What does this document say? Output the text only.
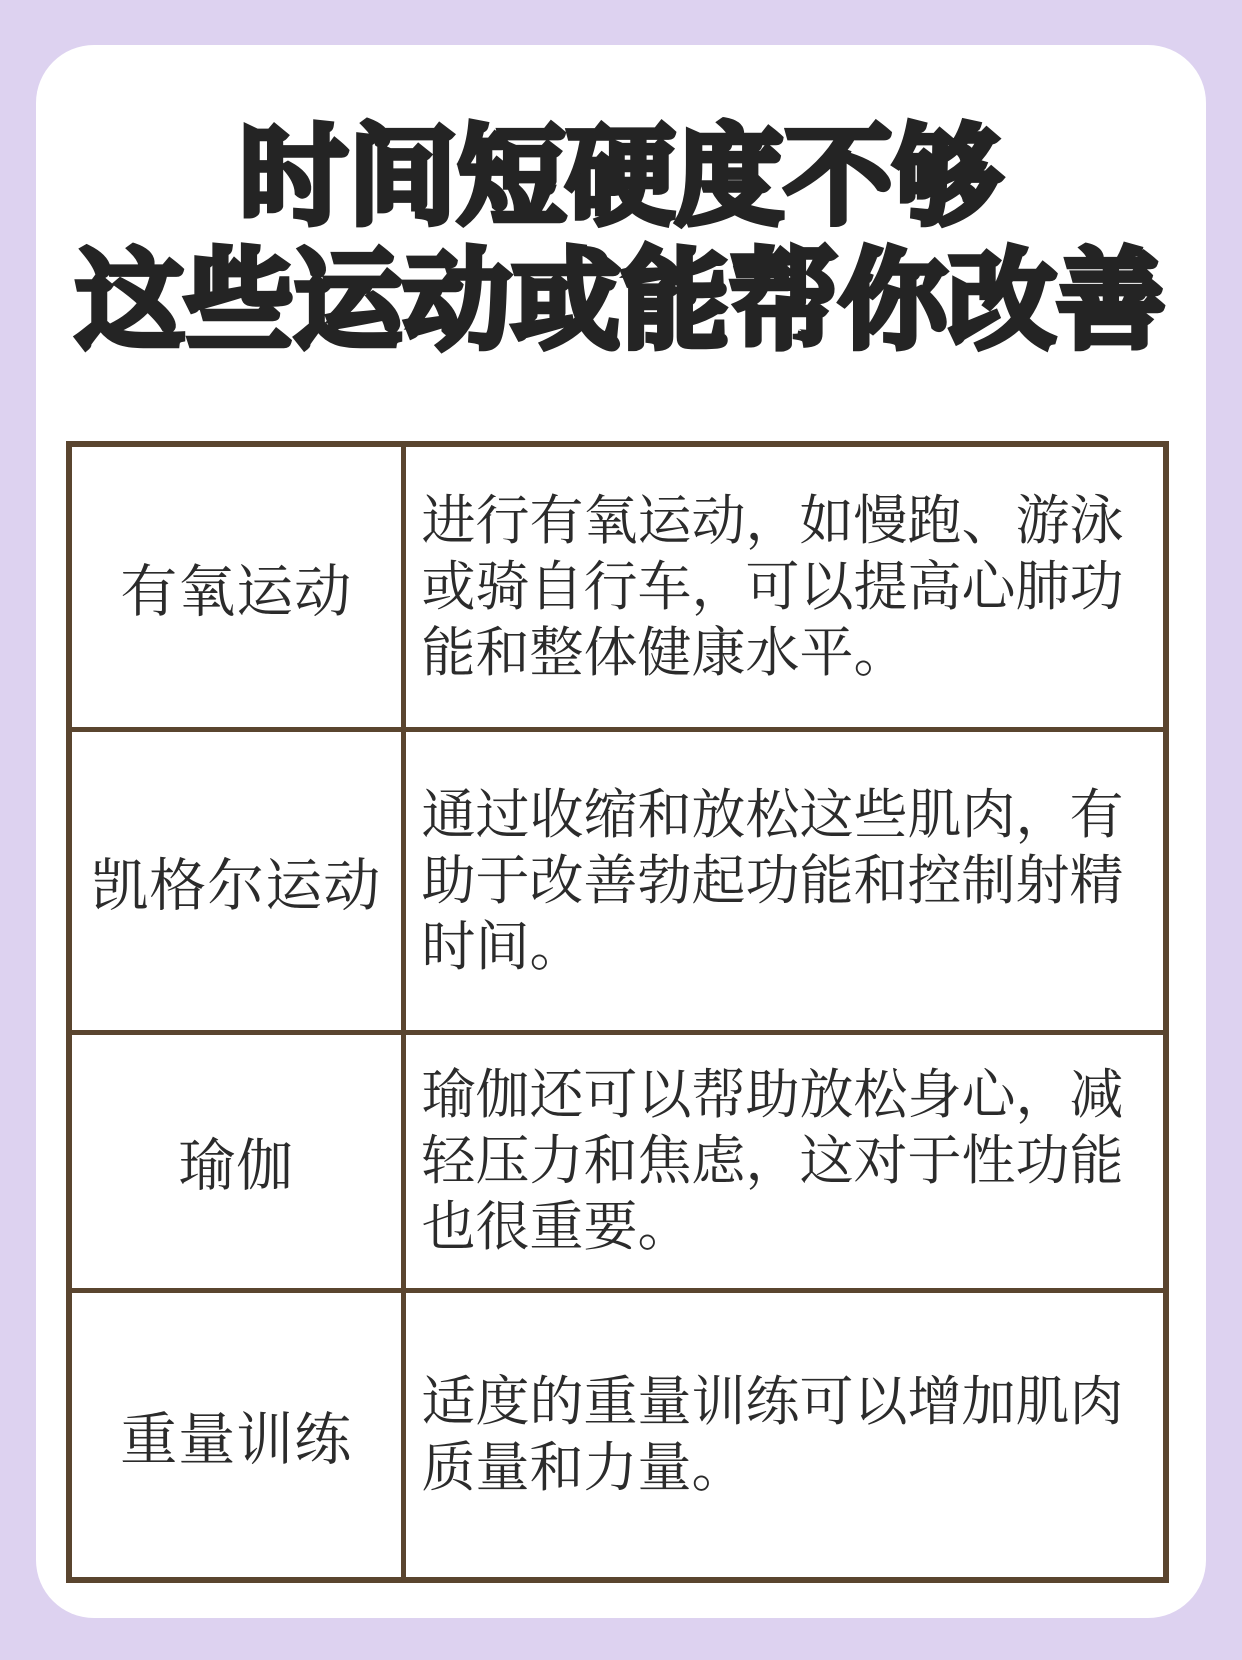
时间短硬度不够
这些运动或能帮你改善
有氧运动	进行有氧运动，如慢跑、游泳或骑自行车，可以提高心肺功能和整体健康水平。
凯格尔运动	通过收缩和放松这些肌肉，有助于改善勃起功能和控制射精时间。
瑜伽	瑜伽还可以帮助放松身心，减轻压力和焦虑，这对于性功能也很重要。
重量训练	适度的重量训练可以增加肌肉质量和力量。
